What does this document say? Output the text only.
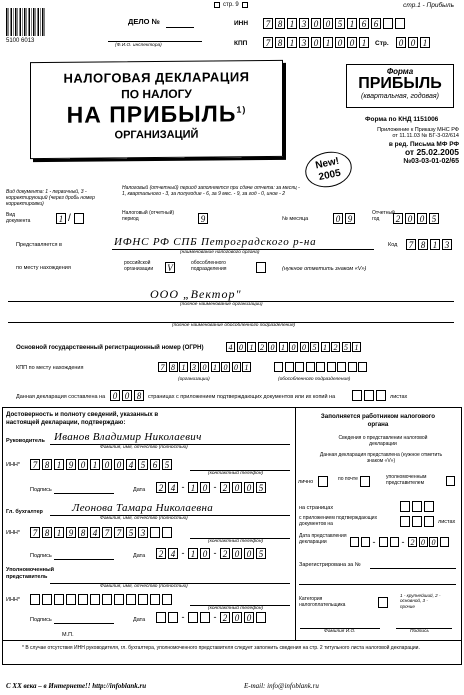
стр. 9	стр.1 - Прибыль
5100 6013
ДЕЛО №
(Ф.И.О. инспектора)
ИНН	7 8 1 3 0 0 5 1 6 6
КПП	7 8 1 3 0 1 0 0 1	Стр.	0 0 1
НАЛОГОВАЯ ДЕКЛАРАЦИЯ
ПО НАЛОГУ
НА ПРИБЫЛЬ$^{1)}$
ОРГАНИЗАЦИЙ
Форма
ПРИБЫЛЬ
(квартальная, годовая)
Форма по КНД 1151006
Приложение к Приказу МНС РФ
от 11.11.03 № БГ-3-02/614
в ред. Письма МФ РФ
от 25.02.2005
№03-03-01-02/65
New! 2005
Вид документа: 1 - первичный, 3 - корректирующий (через дробь номер корректировки)
Налоговый (отчетный) период заполняется при сдаче отчета: за месяц - 1, квартального - 3, за полугодие - 6, за 9 мес. - 9, за год - 0, иное - 2
Вид документа	1 /	Налоговый (отчетный) период	9	№ месяца	0 9
Отчетный год	2 0 0 5
Представляется в	ИФНС РФ СПБ Петроградского р-на
(наименование налогового органа)
Код	7 8 1 3
по месту нахождения
российской организации	V	обособленного подразделения	(нужное отметить знаком «V»)
ООО „Вектор"
(полное наименование организации)
(полное наименование обособленного подразделения)
Основной государственный регистрационный номер (ОГРН)	4 0 1 2 0 1 0 0 5 1 2 5 1
КПП по месту нахождения	7 8 1 3 0 1 0 0 1
(организации)	(обособленного подразделения)
Данная декларация составлена на 0 0 8	страницах с приложением подтверждающих документов или их копий на	листах
Достоверность и полноту сведений, указанных в настоящей декларации, подтверждаю:
Руководитель Иванов Владимир Николаевич
Фамилия, имя, отчество (полностью)
ИНН*	7 8 1 9 0 1 0 0 4 5 6 5
(контактный телефон)
Подпись	Дата	2 4 - 1 0 - 2 0 0 5
Гл. бухгалтер	Леонова Тамара Николаевна
Фамилия, имя, отчество (полностью)
ИНН*	7 8 1 9 8 4 7 7 5 3
(контактный телефон)
Подпись	Дата	2 4 - 1 0 - 2 0 0 5
Уполномоченный представитель
Фамилия, имя, отчество (полностью)
ИНН*
(контактный телефон)
Подпись	Дата	-	- 2 0 0
М.П.
Заполняется работником налогового органа
Сведения о представлении налоговой декларации
Данная декларация представлена (нужное отметить знаком «V»)
лично	по почте	уполномоченным представителем
на страницах
с приложением подтверждающих документов на	листах
Дата представления декларации	-	- 2 0 0
Зарегистрирована за №
Категория налогоплательщика
1 - крупнейший, 2 - основной, 3 - прочие
Фамилия И.О.	Подпись
* В случае отсутствия ИНН руководителя, гл. бухгалтера, уполномоченного представителя следует заполнить сведения на стр. 2 титульного листа налоговой декларации.
С XX века – в Интернете!! http://infoblank.ru	E-mail: info@infoblank.ru
